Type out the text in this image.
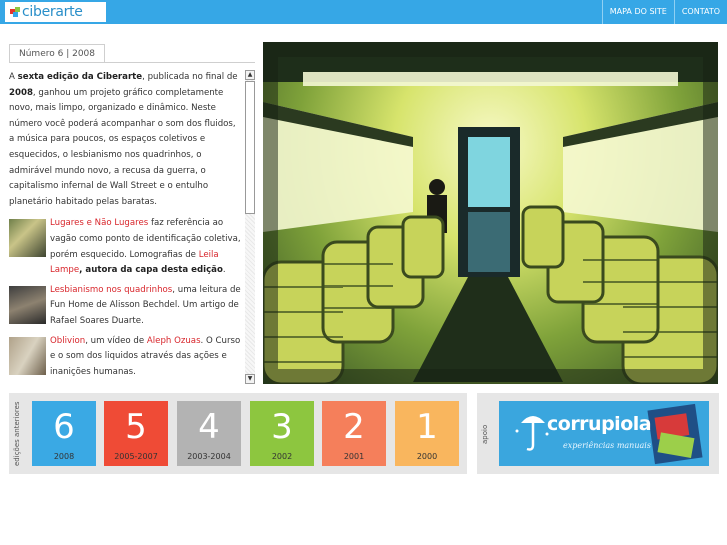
ciberarte	MAPA DO SITE	CONTATO
Número 6 | 2008

A sexta edição da Ciberarte, publicada no final de 2008, ganhou um projeto gráfico completamente novo, mais limpo, organizado e dinâmico. Neste número você poderá acompanhar o som dos fluidos, a música para poucos, os espaços coletivos e esquecidos, o lesbianismo nos quadrinhos, o admirável mundo novo, a recusa da guerra, o capitalismo infernal de Wall Street e o entulho planetário habitado pelas baratas.

Lugares e Não Lugares faz referência ao vagão como ponto de identificação coletiva, porém esquecido. Lomografias de Leila Lampe, autora da capa desta edição.
Lesbianismo nos quadrinhos, uma leitura de Fun Home de Alisson Bechdel. Um artigo de Rafael Soares Duarte.
Oblivion, um vídeo de Aleph Ozuas. O Curso e o som dos liquidos através das ações e inanições humanas.
▲
▼
edições anteriores 6
2008
5
2005-2007
4
2003-2004
3
2002
2
2001
1
2000
apoio	corrupiola
experiências manuais
